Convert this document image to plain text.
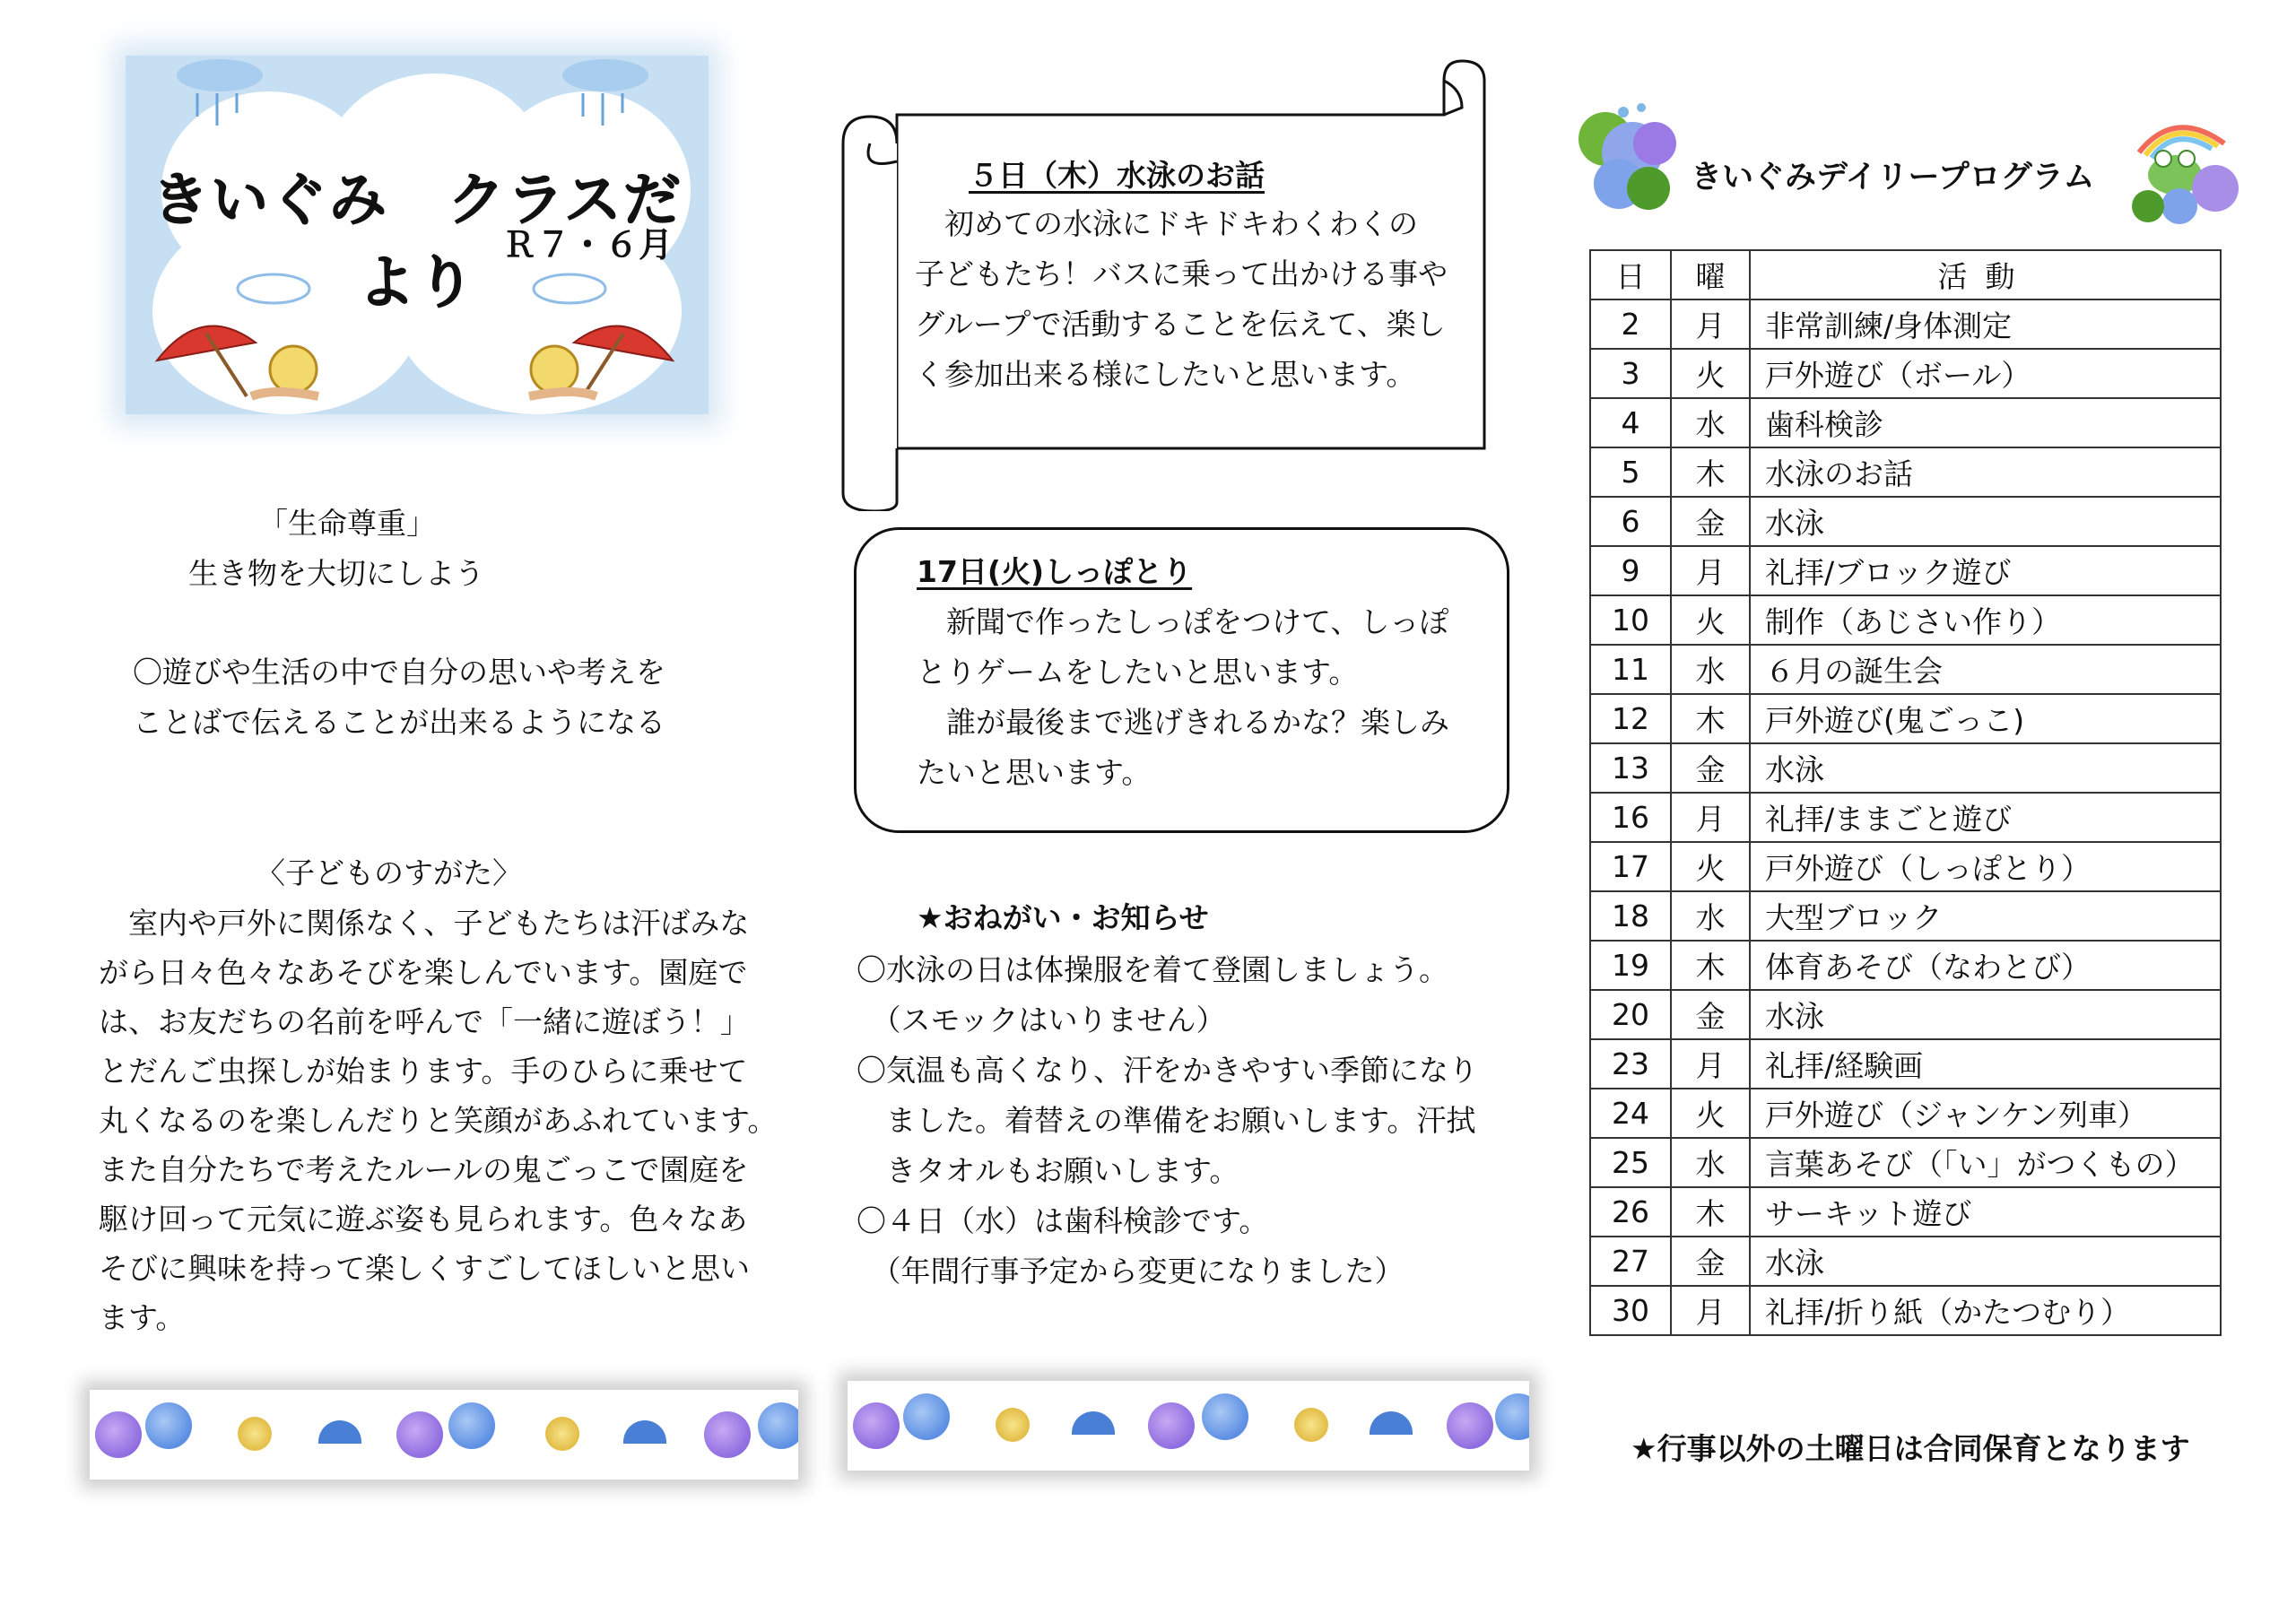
きいぐみ　クラスだより
Ｒ７・６月
「生命尊重」
生き物を大切にしよう
〇遊びや生活の中で自分の思いや考えを
ことばで伝えることが出来るようになる
〈子どものすがた〉
　室内や戸外に関係なく、子どもたちは汗ばみな
がら日々色々なあそびを楽しんでいます。園庭で
は、お友だちの名前を呼んで「一緒に遊ぼう！」
とだんご虫探しが始まります。手のひらに乗せて
丸くなるのを楽しんだりと笑顔があふれています。
また自分たちで考えたルールの鬼ごっこで園庭を
駆け回って元気に遊ぶ姿も見られます。色々なあ
そびに興味を持って楽しくすごしてほしいと思い
ます。
５日（木）水泳のお話
　初めての水泳にドキドキわくわくの
子どもたち！バスに乗って出かける事や
グループで活動することを伝えて、楽し
く参加出来る様にしたいと思います。
17日(火)しっぽとり
　新聞で作ったしっぽをつけて、しっぽ
とりゲームをしたいと思います。
　誰が最後まで逃げきれるかな？楽しみ
たいと思います。
★おねがい・お知らせ
〇水泳の日は体操服を着て登園しましょう。
　（スモックはいりません）
〇気温も高くなり、汗をかきやすい季節になり
　ました。着替えの準備をお願いします。汗拭
　きタオルもお願いします。
〇４日（水）は歯科検診です。
　（年間行事予定から変更になりました）
きいぐみデイリープログラム
日	曜	活動
2	月	非常訓練/身体測定
3	火	戸外遊び（ボール）
4	水	歯科検診
5	木	水泳のお話
6	金	水泳
9	月	礼拝/ブロック遊び
10	火	制作（あじさい作り）
11	水	６月の誕生会
12	木	戸外遊び(鬼ごっこ)
13	金	水泳
16	月	礼拝/ままごと遊び
17	火	戸外遊び（しっぽとり）
18	水	大型ブロック
19	木	体育あそび（なわとび）
20	金	水泳
23	月	礼拝/経験画
24	火	戸外遊び（ジャンケン列車）
25	水	言葉あそび（「い」がつくもの）
26	木	サーキット遊び
27	金	水泳
30	月	礼拝/折り紙（かたつむり）
★行事以外の土曜日は合同保育となります
